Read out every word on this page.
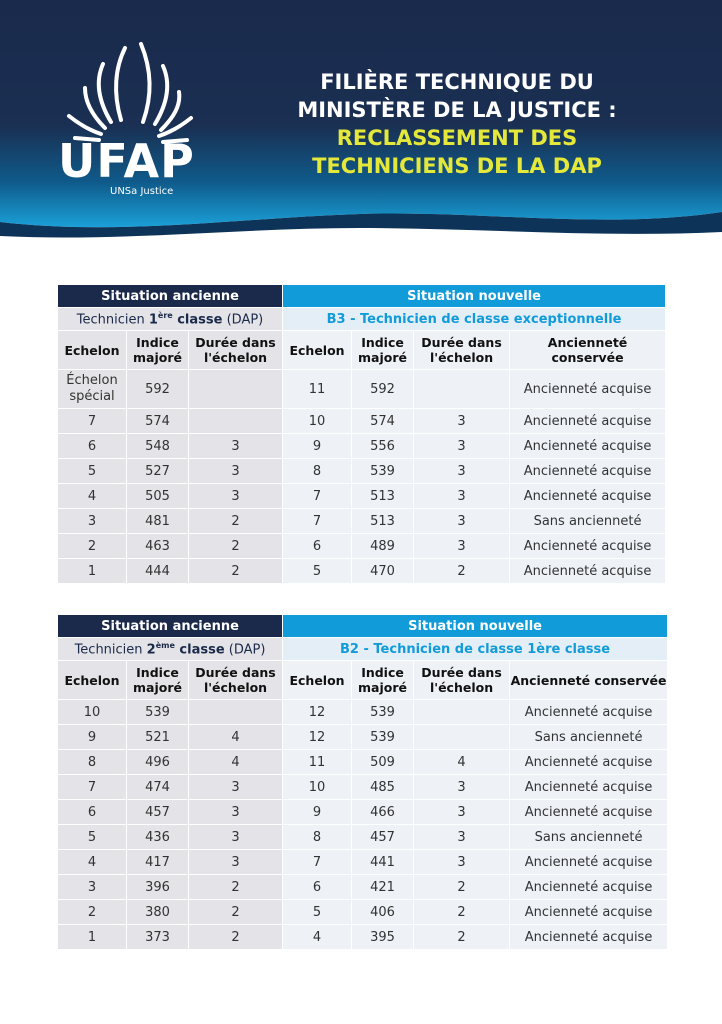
UFAP
UNSa Justice
FILIÈRE TECHNIQUE DU
MINISTÈRE DE LA JUSTICE :
RECLASSEMENT DES
TECHNICIENS DE LA DAP
Situation ancienne			Situation nouvelle			
Technicien 1ère classe (DAP)			B3 - Technicien de classe exceptionnelle			
Echelon	Indice majoré	Durée dans l'échelon	Echelon	Indice majoré	Durée dans l'échelon	Ancienneté conservée
Échelon spécial	592		11	592		Ancienneté acquise
7	574		10	574	3	Ancienneté acquise
6	548	3	9	556	3	Ancienneté acquise
5	527	3	8	539	3	Ancienneté acquise
4	505	3	7	513	3	Ancienneté acquise
3	481	2	7	513	3	Sans ancienneté
2	463	2	6	489	3	Ancienneté acquise
1	444	2	5	470	2	Ancienneté acquise
Situation ancienne			Situation nouvelle			
Technicien 2ème classe (DAP)			B2 - Technicien de classe 1ère classe			
Echelon	Indice majoré	Durée dans l'échelon	Echelon	Indice majoré	Durée dans l'échelon	Ancienneté conservée
10	539		12	539		Ancienneté acquise
9	521	4	12	539		Sans ancienneté
8	496	4	11	509	4	Ancienneté acquise
7	474	3	10	485	3	Ancienneté acquise
6	457	3	9	466	3	Ancienneté acquise
5	436	3	8	457	3	Sans ancienneté
4	417	3	7	441	3	Ancienneté acquise
3	396	2	6	421	2	Ancienneté acquise
2	380	2	5	406	2	Ancienneté acquise
1	373	2	4	395	2	Ancienneté acquise
